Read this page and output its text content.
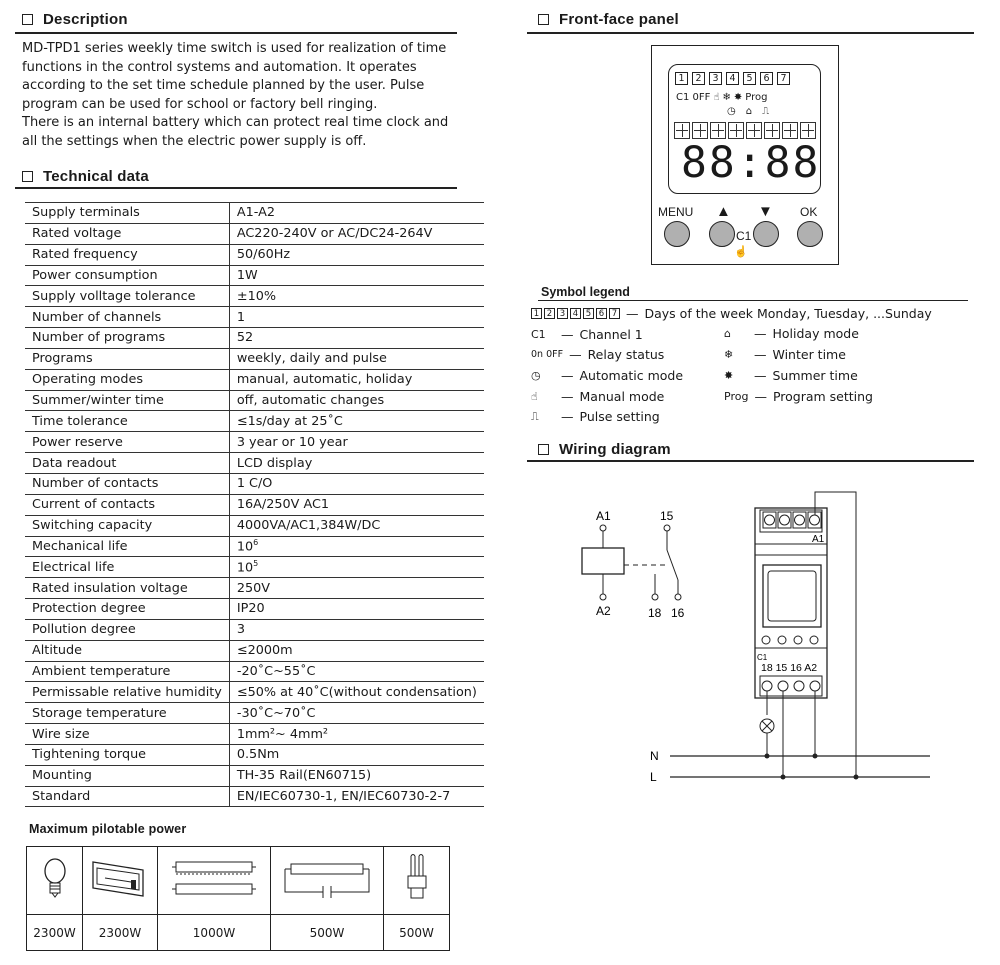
Description

MD-TPD1 series weekly time switch is used for realization of time

functions in the control systems and automation. It operates

according to the set time schedule planned by the user. Pulse

program can be used for school or factory bell ringing.

There is an internal battery which can protect real time clock and

all the settings when the electric power supply is off.

Technical data
Supply terminals	A1-A2
Rated voltage	AC220-240V or AC/DC24-264V
Rated frequency	50/60Hz
Power consumption	1W
Supply volltage tolerance	±10%
Number of channels	1
Number of programs	52
Programs	weekly, daily and pulse
Operating modes	manual, automatic, holiday
Summer/winter time	off, automatic changes
Time tolerance	≤1s/day at 25˚C
Power reserve	3 year or 10 year
Data readout	LCD display
Number of contacts	1 C/O
Current of contacts	16A/250V AC1
Switching capacity	4000VA/AC1,384W/DC
Mechanical life	$10^6$
Electrical life	$10^5$
Rated insulation voltage	250V
Protection degree	IP20
Pollution degree	3
Altitude	≤2000m
Ambient temperature	-20˚C~55˚C
Permissable relative humidity	≤50% at 40˚C(without condensation)
Storage temperature	-30˚C~70˚C
Wire size	1mm²~ 4mm²
Tightening torque	0.5Nm
Mounting	TH-35 Rail(EN60715)
Standard	EN/IEC60730-1, EN/IEC60730-2-7
Maximum pilotable power

2300W	2300W	1000W	500W	500W
Front-face panel
1	2	3	4	5	6	7
C1 0FF ☝ ❄ ✸ Prog
◷ ⌂ ⎍
88:88
MENU ▲ ▼ OK
C1
☝
Symbol legend
1 2 3 4 5 6 7 — Days of the week Monday, Tuesday, ...Sunday
C1	— Channel 1
0n 0FF — Relay status
◷	— Automatic mode
☝	— Manual mode
⎍	— Pulse setting
⌂	— Holiday mode
❄	— Winter time
✸	— Summer time
Prog — Program setting
Wiring diagram
A1
A2
15
18 16
A1
C1
18 15 16 A2
N
L
